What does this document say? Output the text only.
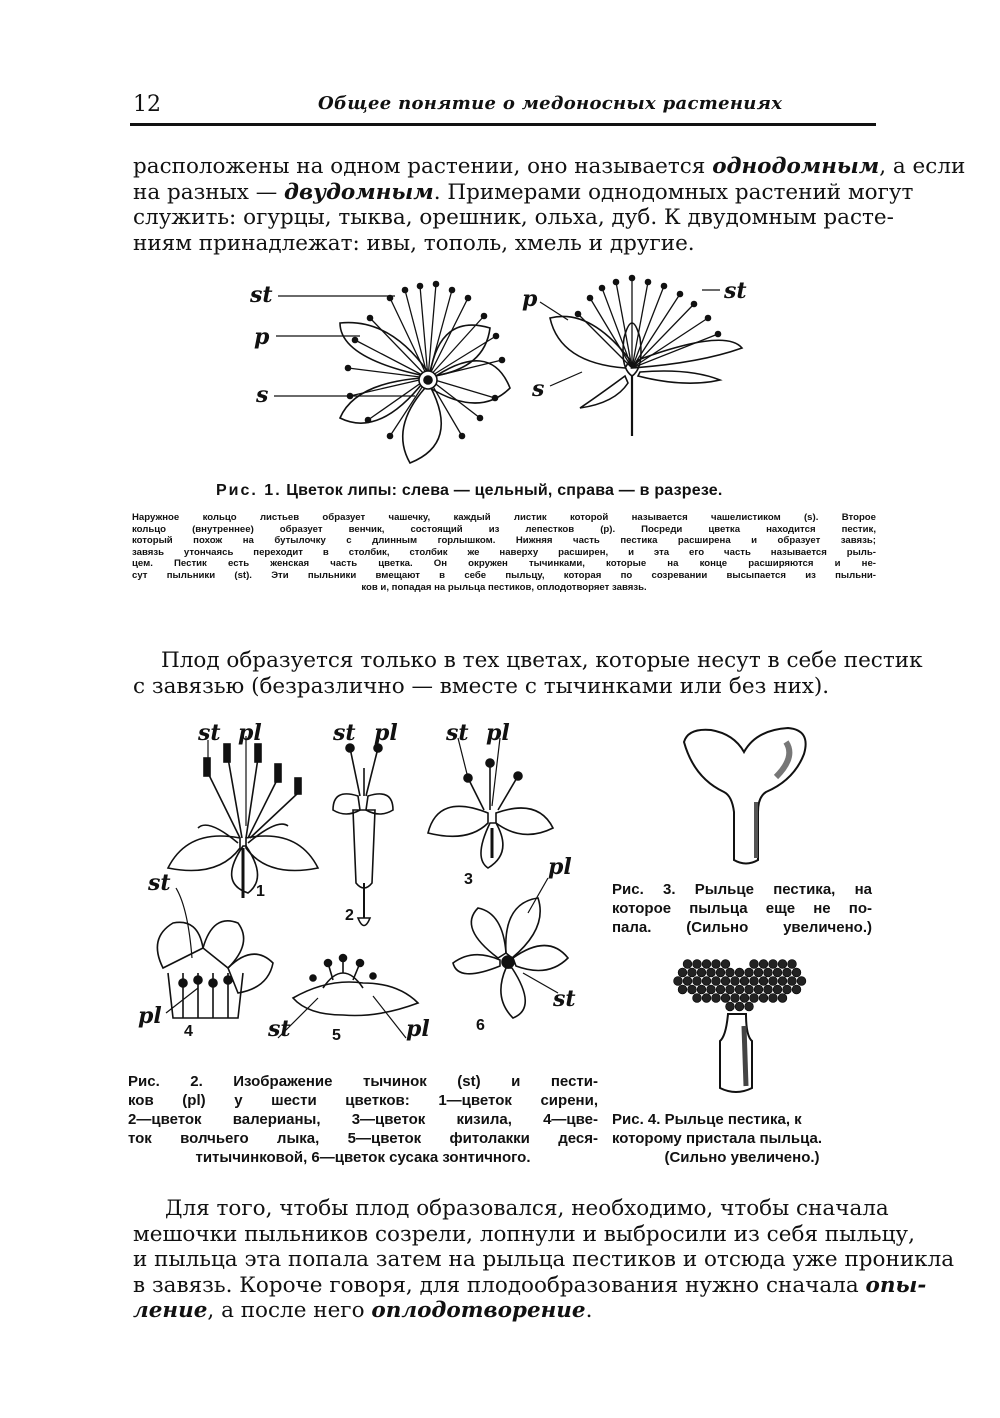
12	Общее понятие о медоносных растениях
расположены на одном растении, оно называется однодомным, а если
на разных — двудомным. Примерами однодомных растений могут
служить: огурцы, тыква, орешник, ольха, дуб. К двудомным расте-
ниям принадлежат: ивы, тополь, хмель и другие.
st
p
s
p	st
s
Рис. 1. Цветок липы: слева — цельный, справа — в разрезе.
Наружное кольцо листьев образует чашечку, каждый листик которой называется чашелистиком (s). Второе
кольцо (внутреннее) образует венчик, состоящий из лепестков (p). Посреди цветка находится пестик,
который похож на бутылочку с длинным горлышком. Нижняя часть пестика расширена и образует завязь;
завязь утончаясь переходит в столбик, столбик же наверху расширен, и эта его часть называется рыль-
цем. Пестик есть женская часть цветка. Он окружен тычинками, которые на конце расширяются и не-
сут пыльники (st). Эти пыльники вмещают в себе пыльцу, которая по созревании высыпается из пыльни-
ков и, попадая на рыльца пестиков, оплодотворяет завязь.
Плод образуется только в тех цветах, которые несут в себе пестик
с завязью (безразлично — вместе с тычинками или без них).
st pl	st pl st pl
st
pl
pl	st	pl
st
1
2
3
4	5
6
Рис. 3. Рыльце пестика, на
которое пыльца еще не по-
пала. (Сильно увеличено.)
Рис. 4. Рыльце пестика, к
которому пристала пыльца.
(Сильно увеличено.)
Рис. 2. Изображение тычинок (st) и пести-
ков (pl) у шести цветков: 1—цветок сирени,
2—цветок валерианы, 3—цветок кизила, 4—цве-
ток волчьего лыка, 5—цветок фитолакки деся-
титычинковой, 6—цветок сусака зонтичного.
Для того, чтобы плод образовался, необходимо, чтобы сначала
мешочки пыльников созрели, лопнули и выбросили из себя пыльцу,
и пыльца эта попала затем на рыльца пестиков и отсюда уже проникла
в завязь. Короче говоря, для плодообразования нужно сначала опы-
ление, а после него оплодотворение.
